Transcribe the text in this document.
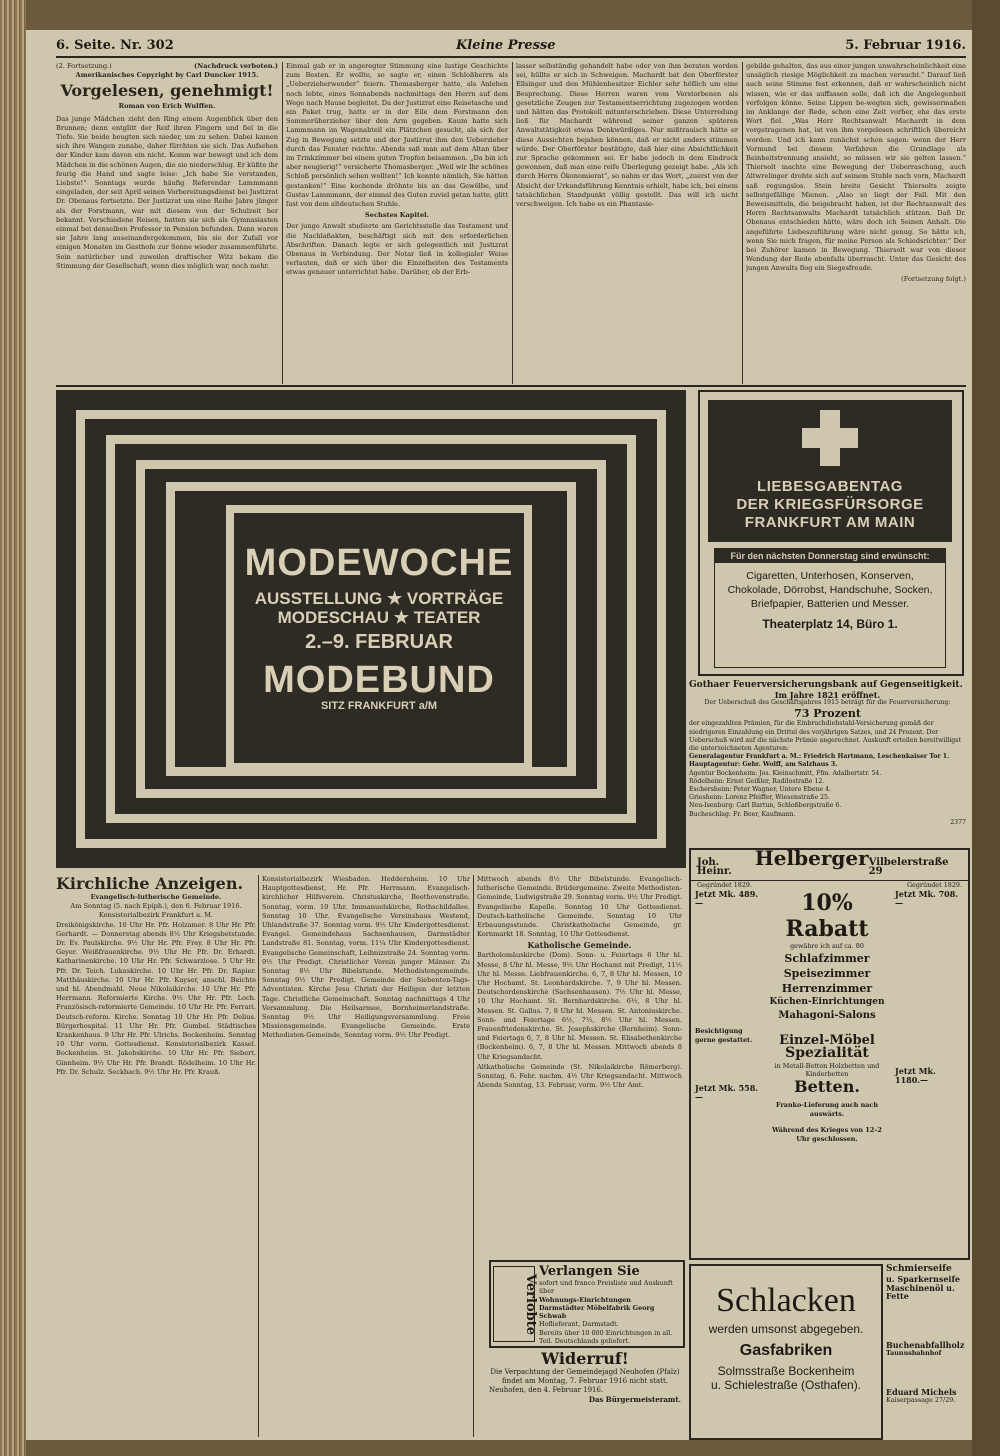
6. Seite. Nr. 302	Kleine Presse	5. Februar 1916.
(2. Fortsetzung.)	(Nachdruck verboten.)
Amerikanisches Copyright by Carl Duncker 1915.
Vorgelesen, genehmigt!
Roman von Erich Wulffen.

Das junge Mädchen zieht den Ring einem Augenblick über den Brunnen; denn entglitt der Reif ihren Fingern und fiel in die Tiefe. Sie beide beugten sich nieder, um zu sehen. Dabei kamen sich ihre Wangen zunahe, daher fürchten sie sich. Das Aufsehen der Kinder kam davon ein nicht. Komm war bewegt und ich dem Mädchen in die schönen Augen, die sie niederschlug. Er küßte ihr feurig die Hand und sagte leise: „Ich habe Sie verstanden, Liebste!“ Sonntags wurde häufig Referendar Lammmann eingeladen, der seit April seinen Vorbereitungsdienst bei Justizrat Dr. Obenaus fortsetzte. Der Justizrat um eine Reihe Jahre jünger als der Forstmann, war mit diesem von der Schulzeit her bekannt. Verschiedene Reisen, hatten sie sich als Gymnasiasten einmal bei denselben Professor in Pension befunden. Dann waren sie Jahre lang auseinandergekommen, bis sie der Zufall vor einigen Monaten im Gasthofe zur Sonne wieder zusammenführte. Sein natürlicher und zuweilen draftischer Witz bekam die Stimmung der Gesellschaft, wenn dies möglich war, noch mehr.

Einmal gab er in angeregter Stimmung eine lustige Geschichte zum Besten. Er wollte, so sagte er, einen Schloßherrn als „Ueberzieherwender“ feiern. Thomasberger hatte, als Anlehen noch lebte, eines Sonnabends nachmittags den Herrn auf dem Wege nach Hause begleitet. Da der Justizrat eine Reisetasche und ein Paket trug, hatte er in der Eile dem Forstmann den Sommerüberzieher über den Arm gegeben. Kaum hatte sich Lammmann im Wagenabteil ein Plätzchen gesucht, als sich der Zug in Bewegung setzte und der Justizrat ihm den Ueberzieher durch das Fenster reichte. Abends saß man auf dem Altan über im Trinkzimmer bei einem guten Tropfen beisammen. „Da bin ich aber neugierig!“ versicherte Thomasberger. „Weil wir Ihr schönes Schloß persönlich sehen wollten!“ Ich konnte nämlich, Sie hätten gestanken!“ Eine kochende dröhnte bis an das Gewölbe, und Gustav Lammmann, der einmal des Guten zuviel getan hatte, glitt fast von dem altdeutschen Stuhle.

Sechstes Kapitel.

Der junge Anwalt studierte am Gerichtsstelle das Testament und die Nachlaßakten, beschäftigt sich mit den erforderlichen Abschriften. Danach legte er sich gelegentlich mit Justizrat Obenaus in Verbindung. Der Notar ließ in kollegialer Weise verlauten, daß er sich über die Einzelheiten des Testaments etwas genauer unterrichtet habe. Darüber, ob der Erb-

lasser selbständig gehandelt habe oder von ihm beraten worden sei, hüllte er sich in Schweigen. Machardt bat den Oberförster Ellsinger und den Mühlenbesitzer Eichler sehr höflich um eine Besprechung. Diese Herren waren vom Verstorbenen als gesetzliche Zeugen zur Testamentserrichtung zugezogen worden und hätten das Protokoll mitunterschrieben. Diese Unterredung ließ für Machardt während seiner ganzen späteren Anwaltstätigkeit etwas Denkwürdiges. Nur mißtrauisch hätte er diese Aussichten bejahen können, daß er nicht anders stimmen würde. Der Oberförster bestätigte, daß hier eine Absichtlichkeit zur Sprache gekommen sei. Er habe jedoch in dem Eindruck gewonnen, daß man eine reife Überlegung gezeigt habe. „Als ich durch Herrn Ökonomierat“, so nahm er das Wort, „zuerst von der Absicht der Urkundsführung Kenntnis erhielt, habe ich, bei einem tatsächlichen Standpunkt völlig gestellt. Das will ich nicht verschweigen. Ich habe es ein Phantasie-

gebilde gehalten, das aus einer jungen unwahrscheinlichkeit eine unsäglich riesige Möglichkeit zu machen versucht.“ Darauf ließ auch seine Stimme fest erkennen, daß er wahrscheinlich nicht wissen, wie er das auffassen solle, daß ich die Angelegenheit verfolgen könne. Seine Lippen be-wegten sich, gewissermaßen im Anklange der Rede, schon eine Zeit vorher, ehe das erste Wort fiel. „Was Herr Rechtsanwalt Machardt in dem vorgetragenen hat, ist von ihm vorgelesen schriftlich übereicht worden. Und ich kann zunächst schon sagen: wenn der Herr Vormund bei diesem Verfahren die Grundlage als Reinheitstrennung ansieht, so müssen wir sie gelten lassen.“ Thiersolt machte eine Bewegung der Ueberraschung, auch Altwrelinger drohte sich auf seinem Stuhle nach vorn, Machardt saß regungslos. Stein breite Gesicht Thiersolts zeigte selbstgefällige Mienen. „Also so liegt der Fall. Mit den Beweismitteln, die beigebracht haben, ist der Rechtsanwalt des Herrn Rechtsanwalts Machardt tatsächlich stützen. Daß Dr. Obenaus entschieden hätte, wäre doch ich Seinen Anhalt. Die angeführte Liebeszuführung wäre nicht genug. So hätte ich, wenn Sie mich fragen, für meine Person als Schiedsrichter.“ Der bei Zuhörer kamen in Bewegung. Thiersolt war von dieser Wendung der Rede ebenfalls überrascht. Unter das Gesicht des jungen Anwalts flog ein Siegesfreude.

(Fortsetzung folgt.)
MODEWOCHE
AUSSTELLUNG ★ VORTRÄGE
MODESCHAU ★ TEATER
2.–9. FEBRUAR
MODEBUND
SITZ FRANKFURT a/M
LIEBESGABENTAG
DER KRIEGSFÜRSORGE
FRANKFURT AM MAIN
Für den nächsten Donnerstag sind erwünscht:
Cigaretten, Unterhosen, Konserven, Chokolade, Dörrobst, Handschuhe, Socken, Briefpapier, Batterien und Messer.
Theaterplatz 14, Büro 1.
Gothaer Feuerversicherungsbank auf Gegenseitigkeit.
Im Jahre 1821 eröffnet.
Der Ueberschuß des Geschäftsjahres 1915 beträgt für die Feuerversicherung:
73 Prozent
der eingezahlten Prämien, für die Einbruchdiebstahl-Versicherung gemäß der niedrigeren Einzahlung ein Drittel des vorjährigen Satzes, und 24 Prozent. Der Ueberschuß wird auf die nächste Prämie angerechnet. Auskunft erteilen bereitwilligst die unterzeichneten Agenturen:
Generalagentur Frankfurt a. M.: Friedrich Hartmann, Leschenkaiser Tor 1.
Hauptagentur: Gebr. Wolff, am Salzhaus 3.
Agentur Bockenheim: Jos. Kleinschmitt, Ffm. Adalbertstr. 54.
Rödelheim: Ernst Geißler, Radilostraße 12.
Eschersheim: Peter Wagner, Untere Ebene 4.
Griesheim: Lorenz Pfeiffer, Wiesenstraße 25.
Neu-Isenburg: Carl Bartun, Schloßbergstraße 6.
Bucheschlag: Fr. Beer, Kaufmann.
2377
Joh. Heinr.
Helberger Vilbelerstraße 29
Gegründet 1829.	Gegründet 1829.
Jetzt Mk. 489.—
Besichtigung gerne gestattet.
Jetzt Mk. 558.—
10% Rabatt
gewähre ich auf ca. 80
Schlafzimmer
Speisezimmer
Herrenzimmer
Küchen-Einrichtungen
Mahagoni-Salons
Einzel-Möbel
Spezialität
in Metall-Betten Holzbetten und Kinderbetten
Betten.
Franko-Lieferung auch nach auswärts.
Während des Krieges von 12–2 Uhr geschlossen.
Jetzt Mk. 708.—
Jetzt Mk. 1180.—
Kirchliche Anzeigen.
Evangelisch-lutherische Gemeinde.
Am Sonntag (5. nach Epiph.), den 6. Februar 1916.
Konsistorialbezirk Frankfurt a. M.

Dreikönigskirche. 10 Uhr Hr. Pfr. Holzamer. 8 Uhr Hr. Pfr. Gerhardt. — Donnerstag abends 8½ Uhr Kriegsbetstunde. Dr. Ev. Paulskirche. 9½ Uhr Hr. Pfr. Frey. 8 Uhr Hr. Pfr. Geyer. Weißfrauenkirche. 9½ Uhr Hr. Pfr. Dr. Erhardt. Katharinenkirche. 10 Uhr Hr. Pfr. Schwarzlose. 5 Uhr Hr. Pfr. Dr. Teich. Lukaskirche. 10 Uhr Hr. Pfr. Dr. Rapier. Matthäuskirche. 10 Uhr Hr. Pfr. Kayser, anschl. Beichte und hl. Abendmahl. Neue Nikolaikirche. 10 Uhr Hr. Pfr. Herrmann. Reformierte Kirche. 9½ Uhr Hr. Pfr. Loch. Französisch-reformierte Gemeinde. 10 Uhr Hr. Pfr. Ferrari. Deutsch-reform. Kirche. Sonntag 10 Uhr Hr. Pfr. Delius. Bürgerhospital. 11 Uhr Hr. Pfr. Gumbel. Städtisches Krankenhaus. 9 Uhr Hr. Pfr. Ulrichs. Bockenheim. Sonntag 10 Uhr vorm. Gottesdienst. Konsistorialbezirk Kassel. Bockenheim. St. Jakobskirche. 10 Uhr Hr. Pfr. Siebert. Ginnheim. 9½ Uhr Hr. Pfr. Brandt. Rödelheim. 10 Uhr Hr. Pfr. Dr. Schulz. Seckbach. 9½ Uhr Hr. Pfr. Krauß.

Konsistorialbezirk Wiesbaden. Heddernheim. 10 Uhr Hauptgottesdienst, Hr. Pfr. Herrmann. Evangelisch-kirchlicher Hilfsverein. Christuskirche, Beethovenstraße. Sonntag, vorm. 10 Uhr. Immanuelskirche, Rothschildallee. Sonntag 10 Uhr. Evangelische Vereinshaus Westend, Uhlandstraße 37. Sonntag vorm. 9½ Uhr Kindergottesdienst. Evangel. Gemeindehaus Sachsenhausen, Darmstädter Landstraße 81. Sonntag, vorm. 11¼ Uhr Kindergottesdienst. Evangelische Gemeinschaft, Leibnizstraße 24. Sonntag vorm. 9½ Uhr Predigt. Christlicher Verein junger Männer. Zu Sonntag 8½ Uhr Bibelstunde. Methodistengemeinde. Sonntag 9½ Uhr Predigt. Gemeinde der Siebenten-Tags-Adventisten. Kirche Jesu Christi der Heiligen der letzten Tage. Christliche Gemeinschaft. Sonntag nachmittags 4 Uhr Versammlung. Die Heilsarmee, Bornheimerlandstraße. Sonntag 9½ Uhr Heiligungsversammlung. Freie Missionsgemeinde. Evangelische Gemeinde. Erste Methodisten-Gemeinde, Sonntag vorm. 9½ Uhr Predigt.

Mittwoch abends 8½ Uhr Bibelstunde. Evangelisch-lutherische Gemeinde. Brüdergemeine. Zweite Methodisten-Gemeinde, Ludwigstraße 29. Sonntag vorm. 9½ Uhr Predigt. Evangelische Kapelle. Sonntag 10 Uhr Gottesdienst. Deutsch-katholische Gemeinde. Sonntag 10 Uhr Erbauungsstunde. Christkatholische Gemeinde, gr. Kornmarkt 18. Sonntag, 10 Uhr Gottesdienst.

Katholische Gemeinde.

Bartholomäuskirche (Dom). Sonn- u. Feiertags 6 Uhr hl. Messe, 8 Uhr hl. Messe, 9½ Uhr Hochamt mit Predigt, 11½ Uhr hl. Messe. Liebfrauenkirche. 6, 7, 8 Uhr hl. Messen, 10 Uhr Hochamt. St. Leonhardskirche. 7, 9 Uhr hl. Messen. Deutschordenskirche (Sachsenhausen). 7½ Uhr hl. Messe, 10 Uhr Hochamt. St. Bernhardskirche. 6½, 8 Uhr hl. Messen. St. Gallus. 7, 8 Uhr hl. Messen. St. Antoniuskirche. Sonn- und Feiertage 6½, 7½, 8½ Uhr hl. Messen. Frauenfriedenskirche. St. Josephskirche (Bornheim). Sonn- und Feiertags 6, 7, 8 Uhr hl. Messen. St. Elisabethenkirche (Bockenheim). 6, 7, 8 Uhr hl. Messen. Mittwoch abends 8 Uhr Kriegsandacht.

Altkatholische Gemeinde (St. Nikolaikirche Römerberg). Sonntag, 6. Febr. nachm. 4½ Uhr Kriegsandacht. Mittwoch Abends Sonntag, 13. Februar, vorm. 9½ Uhr Amt.

Verlobte
Verlangen Sie
sofort und franco Preisliste und Auskunft über
Wohnungs-Einrichtungen
Darmstädter Möbelfabrik Georg Schwab
Hoflieferant, Darmstadt.
Bereits über 10 000 Einrichtungen in all. Teil. Deutschlands geliefert.
Widerruf!
Die Verpachtung der Gemeindejagd Neuhofen (Pfalz) findet am Montag, 7. Februar 1916 nicht statt.
Neuhofen, den 4. Februar 1916.
Das Bürgermeisteramt.
Schlacken
werden umsonst abgegeben.
Gasfabriken
Solmsstraße Bockenheim
u. Schielestraße (Osthafen).
Schmierseife
u. Sparkernseife
Maschinenöl u. Fette
Buchenabfallholz
Taunusbahnhof
Eduard Michels
Kaiserpassage 27/29.
